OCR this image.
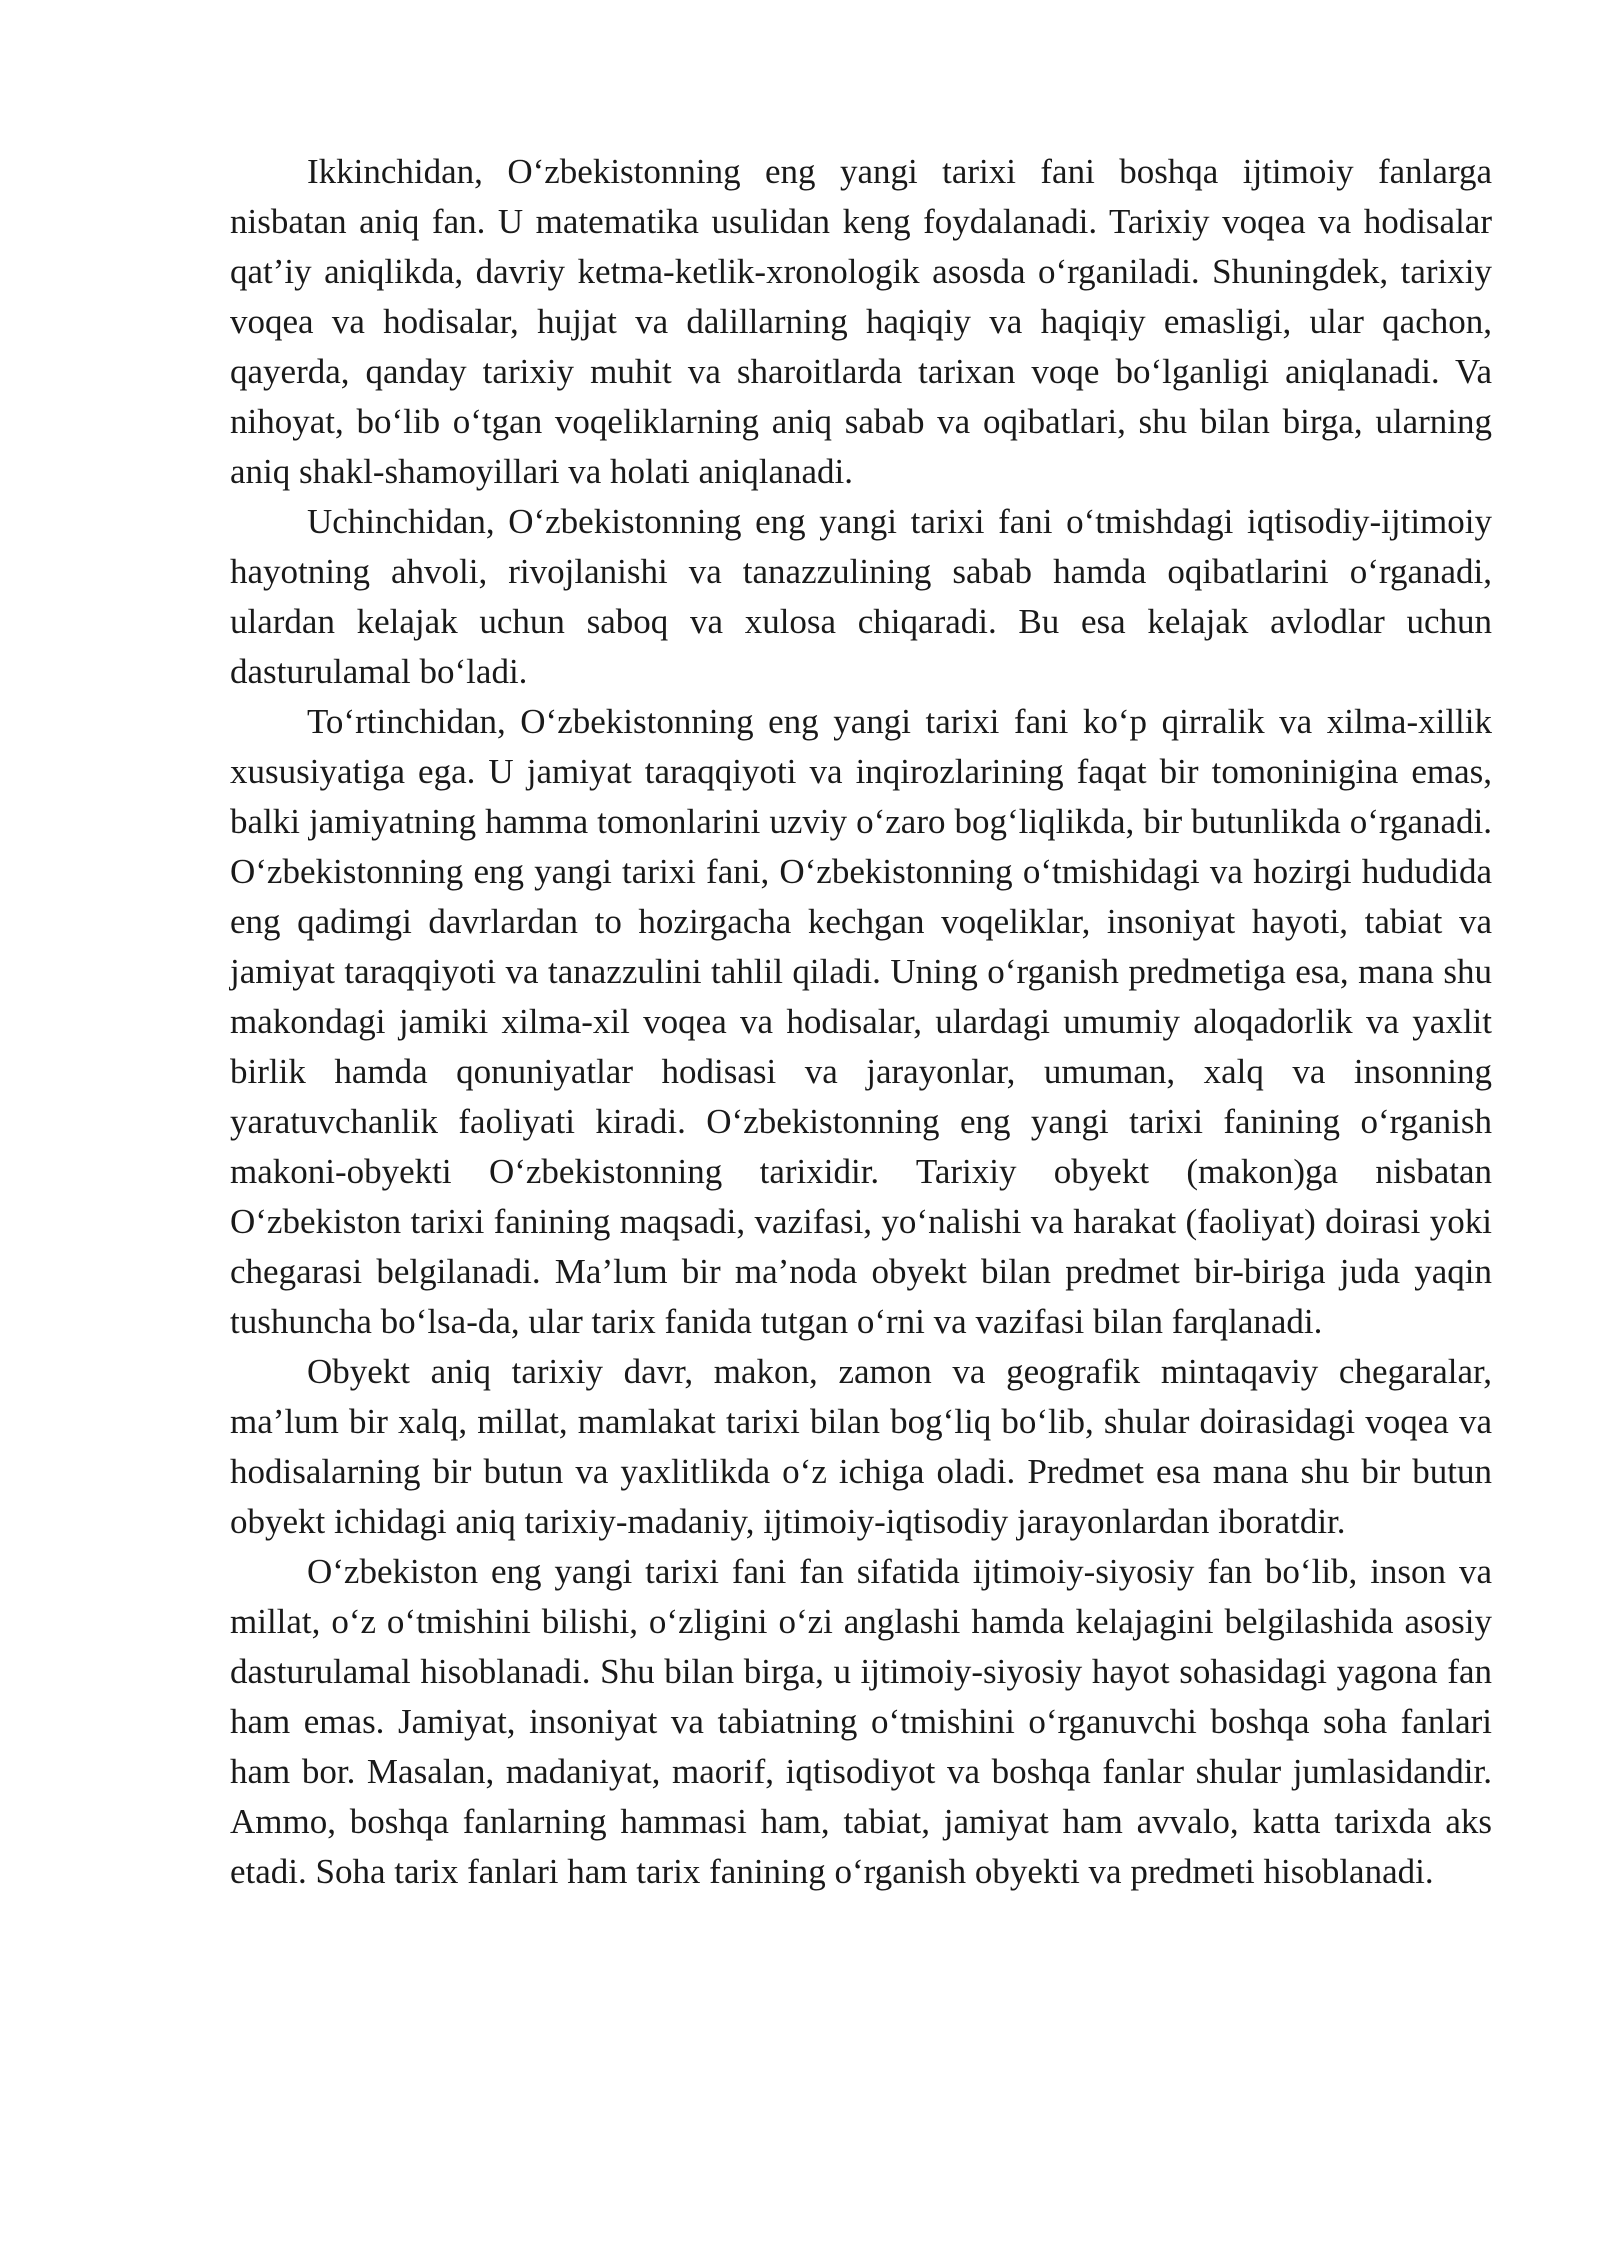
Ikkinchidan, O‘zbekistonning eng yangi tarixi fani boshqa ijtimoiy fanlarga nisbatan aniq fan. U matematika usulidan keng foydalanadi. Tarixiy voqea va hodisalar qat’iy aniqlikda, davriy ketma-ketlik-xronologik asosda o‘rganiladi. Shuningdek, tarixiy voqea va hodisalar, hujjat va dalillarning haqiqiy va haqiqiy emasligi, ular qachon, qayerda, qanday tarixiy muhit va sharoitlarda tarixan voqe bo‘lganligi aniqlanadi. Va nihoyat, bo‘lib o‘tgan voqeliklarning aniq sabab va oqibatlari, shu bilan birga, ularning aniq shakl-shamoyillari va holati aniqlanadi.

Uchinchidan, O‘zbekistonning eng yangi tarixi fani o‘tmishdagi iqtisodiy-ijtimoiy hayotning ahvoli, rivojlanishi va tanazzulining sabab hamda oqibatlarini o‘rganadi, ulardan kelajak uchun saboq va xulosa chiqaradi. Bu esa kelajak avlodlar uchun dasturulamal bo‘ladi.

To‘rtinchidan, O‘zbekistonning eng yangi tarixi fani ko‘p qirralik va xilma-xillik xususiyatiga ega. U jamiyat taraqqiyoti va inqirozlarining faqat bir tomoninigina emas, balki jamiyatning hamma tomonlarini uzviy o‘zaro bog‘liqlikda, bir butunlikda o‘rganadi. O‘zbekistonning eng yangi tarixi fani, O‘zbekistonning o‘tmishidagi va hozirgi hududida eng qadimgi davrlardan to hozirgacha kechgan voqeliklar, insoniyat hayoti, tabiat va jamiyat taraqqiyoti va tanazzulini tahlil qiladi. Uning o‘rganish predmetiga esa, mana shu makondagi jamiki xilma-xil voqea va hodisalar, ulardagi umumiy aloqadorlik va yaxlit birlik hamda qonuniyatlar hodisasi va jarayonlar, umuman, xalq va insonning yaratuvchanlik faoliyati kiradi. O‘zbekistonning eng yangi tarixi fanining o‘rganish makoni-obyekti O‘zbekistonning tarixidir. Tarixiy obyekt (makon)ga nisbatan O‘zbekiston tarixi fanining maqsadi, vazifasi, yo‘nalishi va harakat (faoliyat) doirasi yoki chegarasi belgilanadi. Ma’lum bir ma’noda obyekt bilan predmet bir-biriga juda yaqin tushuncha bo‘lsa-da, ular tarix fanida tutgan o‘rni va vazifasi bilan farqlanadi.

Obyekt aniq tarixiy davr, makon, zamon va geografik mintaqaviy chegaralar, ma’lum bir xalq, millat, mamlakat tarixi bilan bog‘liq bo‘lib, shular doirasidagi voqea va hodisalarning bir butun va yaxlitlikda o‘z ichiga oladi. Predmet esa mana shu bir butun obyekt ichidagi aniq tarixiy-madaniy, ijtimoiy-iqtisodiy jarayonlardan iboratdir.

O‘zbekiston eng yangi tarixi fani fan sifatida ijtimoiy-siyosiy fan bo‘lib, inson va millat, o‘z o‘tmishini bilishi, o‘zligini o‘zi anglashi hamda kelajagini belgilashida asosiy dasturulamal hisoblanadi. Shu bilan birga, u ijtimoiy-siyosiy hayot sohasidagi yagona fan ham emas. Jamiyat, insoniyat va tabiatning o‘tmishini o‘rganuvchi boshqa soha fanlari ham bor. Masalan, madaniyat, maorif, iqtisodiyot va boshqa fanlar shular jumlasidandir. Ammo, boshqa fanlarning hammasi ham, tabiat, jamiyat ham avvalo, katta tarixda aks etadi. Soha tarix fanlari ham tarix fanining o‘rganish obyekti va predmeti hisoblanadi.
